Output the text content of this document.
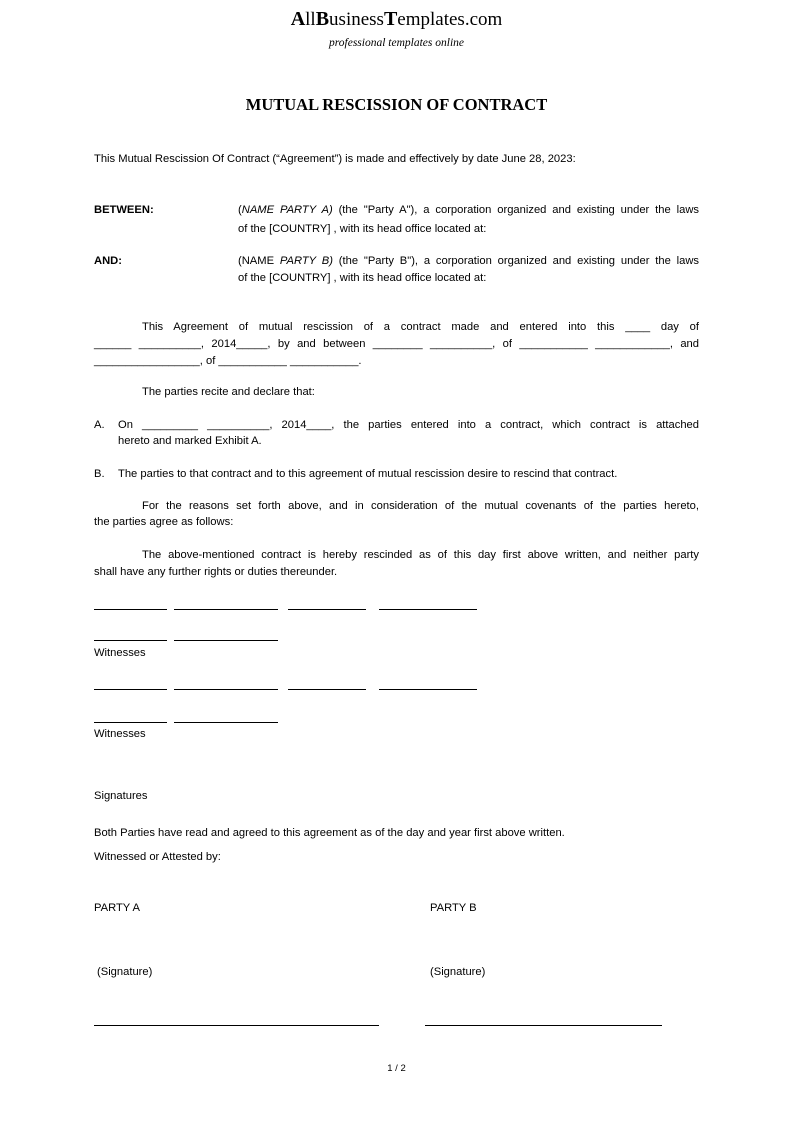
AllBusinessTemplates.com
professional templates online
MUTUAL RESCISSION OF CONTRACT
This Mutual Rescission Of Contract (“Agreement”) is made and effectively by date June 28, 2023:
BETWEEN:	(NAME PARTY A) (the "Party A"), a corporation organized and existing under the laws
of the [COUNTRY] , with its head office located at:
AND:	(NAME PARTY B) (the "Party B"), a corporation organized and existing under the laws
of the [COUNTRY] , with its head office located at:
This Agreement of mutual rescission of a contract made and entered into this ____ day of
______ __________, 2014_____, by and between ________ __________, of ___________ ____________, and
_________________, of ___________ ___________.
The parties recite and declare that:
A. On _________ __________, 2014____, the parties entered into a contract, which contract is attached
hereto and marked Exhibit A.
B. The parties to that contract and to this agreement of mutual rescission desire to rescind that contract.
For the reasons set forth above, and in consideration of the mutual covenants of the parties hereto,
the parties agree as follows:
The above-mentioned contract is hereby rescinded as of this day first above written, and neither party
shall have any further rights or duties thereunder.
Witnesses
Witnesses
Signatures
Both Parties have read and agreed to this agreement as of the day and year first above written.
Witnessed or Attested by:
PARTY A	PARTY B
(Signature)	(Signature)
1 / 2
